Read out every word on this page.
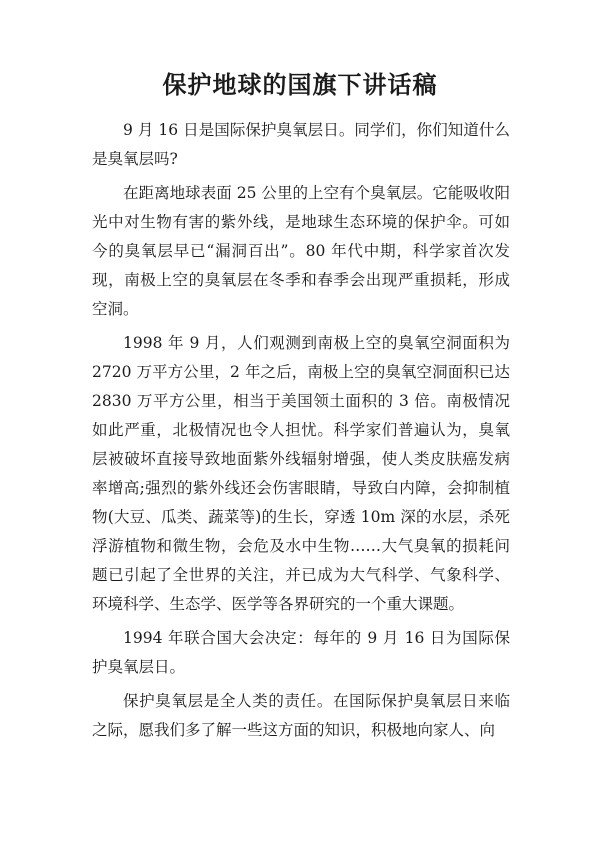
保护地球的国旗下讲话稿

9 月 16 日是国际保护臭氧层日。同学们，你们知道什么是臭氧层吗?

在距离地球表面 25 公里的上空有个臭氧层。它能吸收阳光中对生物有害的紫外线，是地球生态环境的保护伞。可如今的臭氧层早已“漏洞百出”。80 年代中期，科学家首次发现，南极上空的臭氧层在冬季和春季会出现严重损耗，形成空洞。

1998 年 9 月，人们观测到南极上空的臭氧空洞面积为 2720 万平方公里，2 年之后，南极上空的臭氧空洞面积已达 2830 万平方公里，相当于美国领土面积的 3 倍。南极情况如此严重，北极情况也令人担忧。科学家们普遍认为，臭氧层被破坏直接导致地面紫外线辐射增强，使人类皮肤癌发病率增高;强烈的紫外线还会伤害眼睛，导致白内障，会抑制植物(大豆、瓜类、蔬菜等)的生长，穿透 10m 深的水层，杀死浮游植物和微生物，会危及水中生物……大气臭氧的损耗问题已引起了全世界的关注，并已成为大气科学、气象科学、环境科学、生态学、医学等各界研究的一个重大课题。

1994 年联合国大会决定：每年的 9 月 16 日为国际保护臭氧层日。

保护臭氧层是全人类的责任。在国际保护臭氧层日来临之际，愿我们多了解一些这方面的知识，积极地向家人、向
